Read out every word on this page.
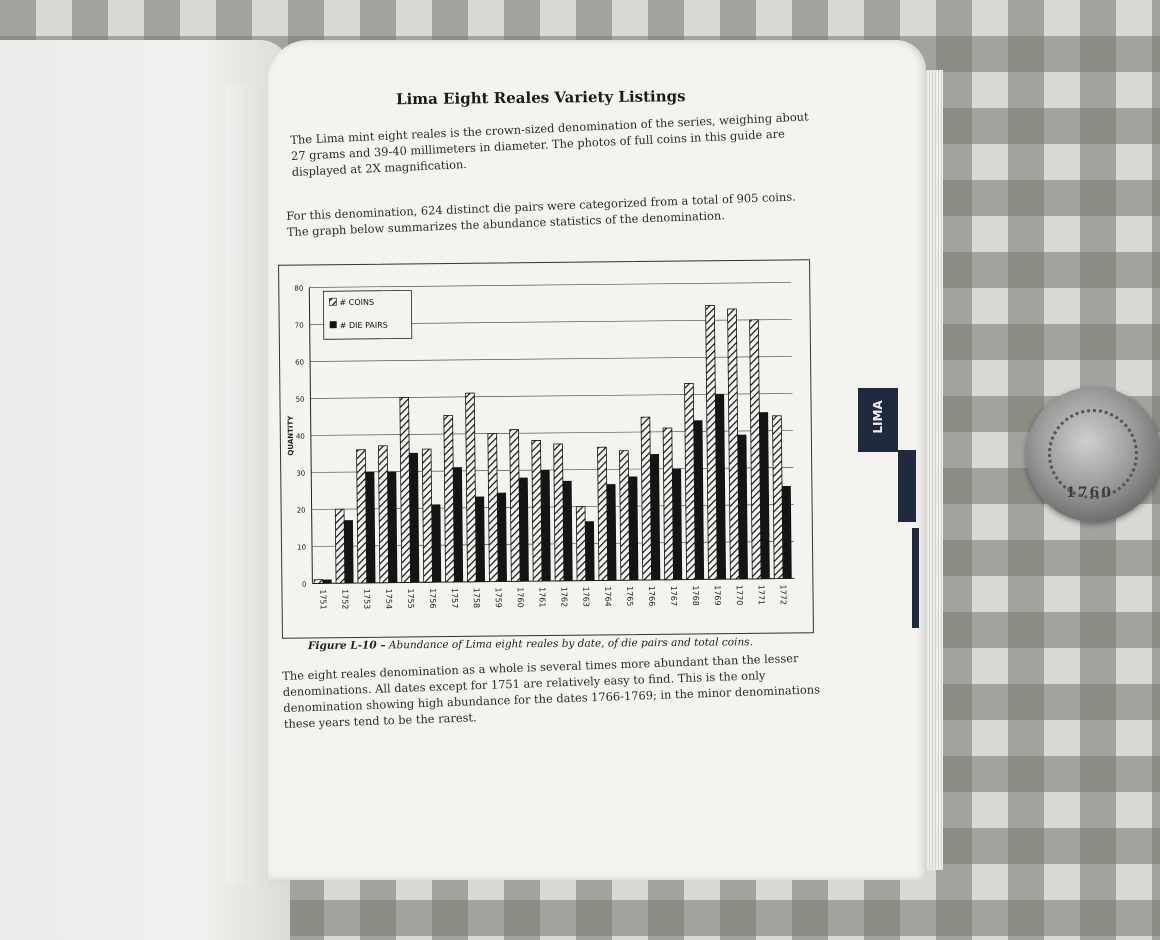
Lima Eight Reales Variety Listings
The Lima mint eight reales is the crown-sized denomination of the series, weighing about 27 grams and 39-40 millimeters in diameter. The photos of full coins in this guide are displayed at 2X magnification.
For this denomination, 624 distinct die pairs were categorized from a total of 905 coins. The graph below summarizes the abundance statistics of the denomination.
0
10
20
30
40
50
60
70
80
QUANTITY
1751 1752 1753 1754 1755 1756 1757 1758 1759 1760 1761 1762 1763 1764 1765 1766 1767 1768 1769 1770 1771 1772
# COINS
# DIE PAIRS
Figure L-10 – Abundance of Lima eight reales by date, of die pairs and total coins.
The eight reales denomination as a whole is several times more abundant than the lesser denominations. All dates except for 1751 are relatively easy to find. This is the only denomination showing high abundance for the dates 1766-1769; in the minor denominations these years tend to be the rarest.
LIMA
1760
